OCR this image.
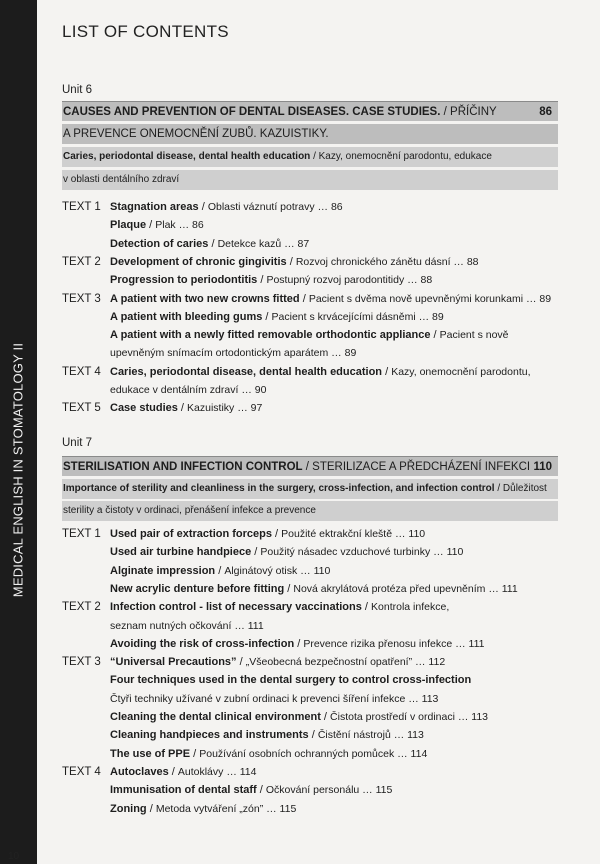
MEDICAL ENGLISH IN STOMATOLOGY II
10
LIST OF CONTENTS
Unit 6
CAUSES AND PREVENTION OF DENTAL DISEASES. CASE STUDIES. / PŘÍČINY	86
A PREVENCE ONEMOCNĚNÍ ZUBŮ. KAZUISTIKY.
Caries, periodontal disease, dental health education / Kazy, onemocnění parodontu, edukace
v oblasti dentálního zdraví
TEXT 1 Stagnation areas / Oblasti váznutí potravy … 86
Plaque / Plak … 86
Detection of caries / Detekce kazů … 87
TEXT 2 Development of chronic gingivitis / Rozvoj chronického zánětu dásní … 88
Progression to periodontitis / Postupný rozvoj parodontitidy … 88
TEXT 3 A patient with two new crowns fitted / Pacient s dvěma nově upevněnými korunkami … 89
A patient with bleeding gums / Pacient s krvácejícími dásněmi … 89
A patient with a newly fitted removable orthodontic appliance / Pacient s nově
upevněným snímacím ortodontickým aparátem … 89
TEXT 4 Caries, periodontal disease, dental health education / Kazy, onemocnění parodontu,
edukace v dentálním zdraví … 90
TEXT 5 Case studies / Kazuistiky … 97
Unit 7
STERILISATION AND INFECTION CONTROL / STERILIZACE A PŘEDCHÁZENÍ INFEKCI 110
Importance of sterility and cleanliness in the surgery, cross-infection, and infection control / Důležitost
sterility a čistoty v ordinaci, přenášení infekce a prevence
TEXT 1 Used pair of extraction forceps / Použité ektrakční kleště … 110
Used air turbine handpiece / Použitý násadec vzduchové turbinky … 110
Alginate impression / Alginátový otisk … 110
New acrylic denture before fitting / Nová akrylátová protéza před upevněním … 111
TEXT 2 Infection control - list of necessary vaccinations / Kontrola infekce,
seznam nutných očkování … 111
Avoiding the risk of cross-infection / Prevence rizika přenosu infekce … 111
TEXT 3 “Universal Precautions” / „Všeobecná bezpečnostní opatření” … 112
Four techniques used in the dental surgery to control cross-infection
Čtyři techniky užívané v zubní ordinaci k prevenci šíření infekce … 113
Cleaning the dental clinical environment / Čistota prostředí v ordinaci … 113
Cleaning handpieces and instruments / Čistění nástrojů … 113
The use of PPE / Používání osobních ochranných pomůcek … 114
TEXT 4 Autoclaves / Autoklávy … 114
Immunisation of dental staff / Očkování personálu … 115
Zoning / Metoda vytváření „zón” … 115
